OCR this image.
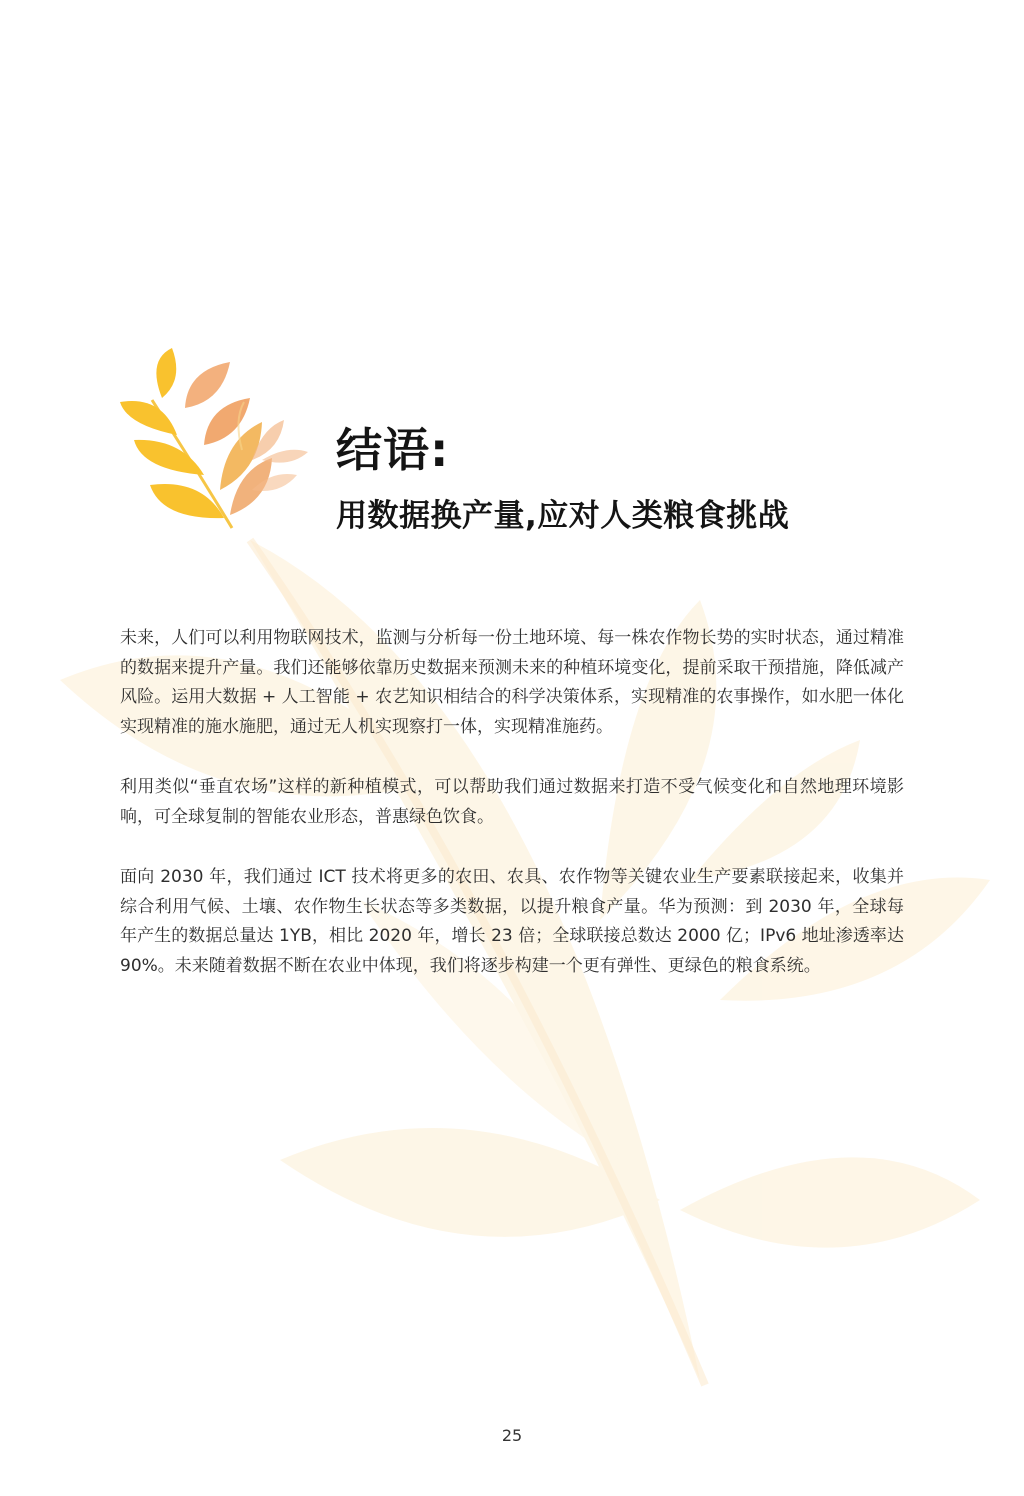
结语:
用数据换产量,应对人类粮食挑战

未来，人们可以利用物联网技术，监测与分析每一份土地环境、每一株农作物长势的实时状态，通过精准的数据来提升产量。我们还能够依靠历史数据来预测未来的种植环境变化，提前采取干预措施，降低减产风险。运用大数据 + 人工智能 + 农艺知识相结合的科学决策体系，实现精准的农事操作，如水肥一体化实现精准的施水施肥，通过无人机实现察打一体，实现精准施药。

利用类似“垂直农场”这样的新种植模式，可以帮助我们通过数据来打造不受气候变化和自然地理环境影响，可全球复制的智能农业形态，普惠绿色饮食。

面向 2030 年，我们通过 ICT 技术将更多的农田、农具、农作物等关键农业生产要素联接起来，收集并综合利用气候、土壤、农作物生长状态等多类数据，以提升粮食产量。华为预测：到 2030 年，全球每年产生的数据总量达 1YB，相比 2020 年，增长 23 倍；全球联接总数达 2000 亿；IPv6 地址渗透率达 90%。未来随着数据不断在农业中体现，我们将逐步构建一个更有弹性、更绿色的粮食系统。

25
